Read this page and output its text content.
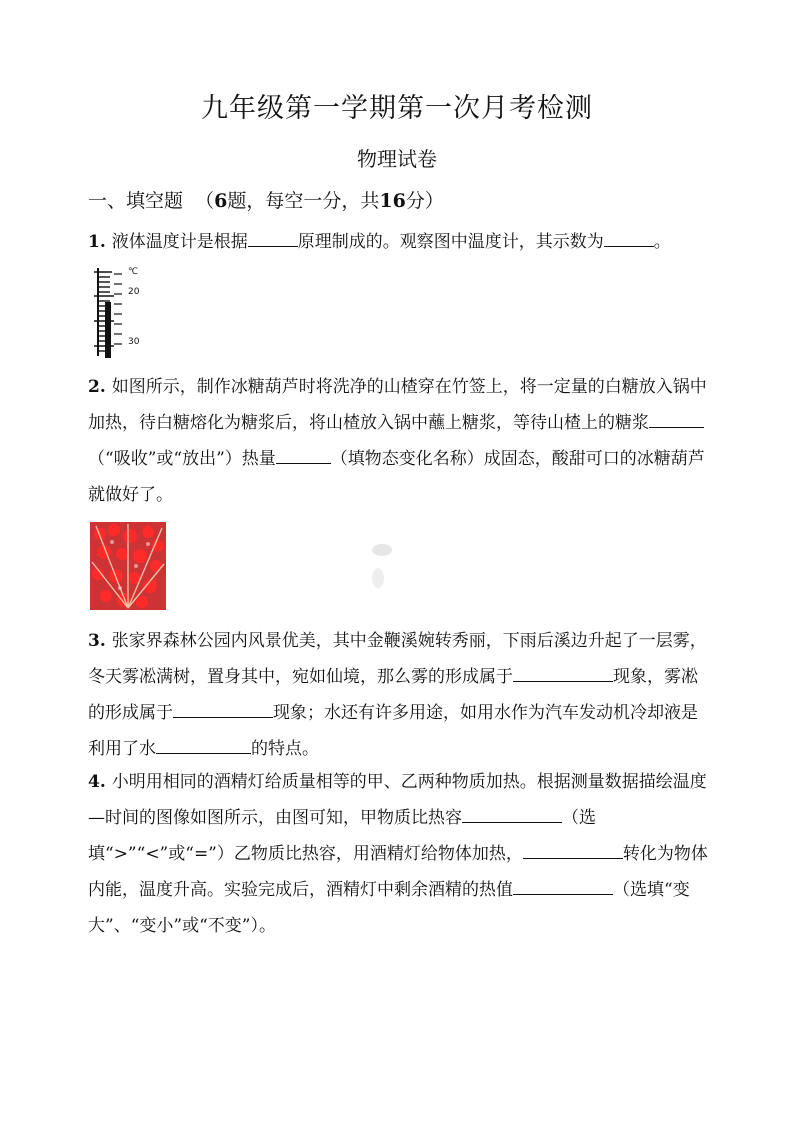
九年级第一学期第一次月考检测
物理试卷
一、填空题 （6题，每空一分，共16分）
1. 液体温度计是根据	原理制成的。观察图中温度计，其示数为	。
℃
20
30
2. 如图所示，制作冰糖葫芦时将洗净的山楂穿在竹签上，将一定量的白糖放入锅中加热，待白糖熔化为糖浆后，将山楂放入锅中蘸上糖浆，等待山楂上的糖浆（“吸收”或“放出”）热量	（填物态变化名称）成固态，酸甜可口的冰糖葫芦就做好了。
3. 张家界森林公园内风景优美，其中金鞭溪婉转秀丽，下雨后溪边升起了一层雾，冬天雾凇满树，置身其中，宛如仙境，那么雾的形成属于	现象，雾凇的形成属于	现象；水还有许多用途，如用水作为汽车发动机冷却液是利用了水	的特点。
4. 小明用相同的酒精灯给质量相等的甲、乙两种物质加热。根据测量数据描绘温度—时间的图像如图所示，由图可知，甲物质比热容	（选填“>”“<”或“=”）乙物质比热容，用酒精灯给物体加热，	转化为物体内能，温度升高。实验完成后，酒精灯中剩余酒精的热值	（选填“变大”、“变小”或“不变”）。
